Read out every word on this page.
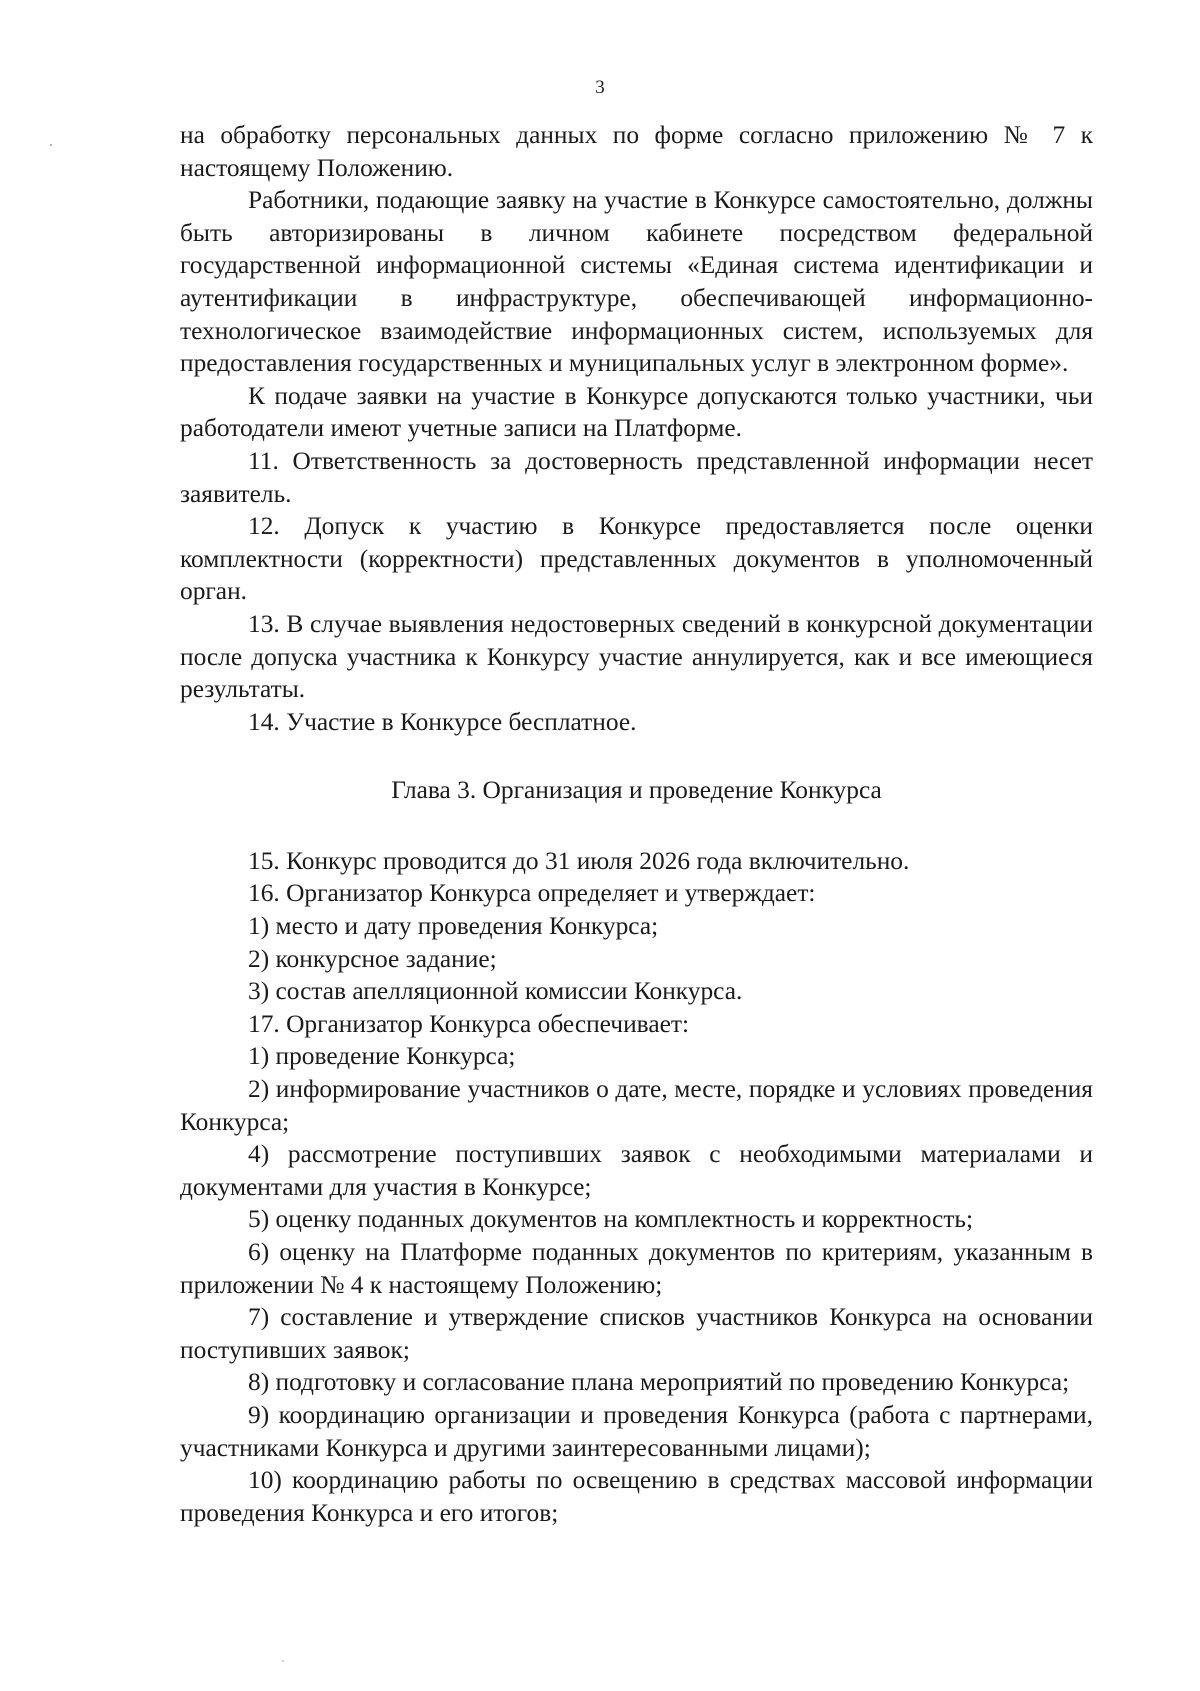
3

на обработку персональных данных по форме согласно приложению № 7 к настоящему Положению.

Работники, подающие заявку на участие в Конкурсе самостоятельно, должны быть авторизированы в личном кабинете посредством федеральной государственной информационной системы «Единая система идентификации и аутентификации в инфраструктуре, обеспечивающей информационно-технологическое взаимодействие информационных систем, используемых для предоставления государственных и муниципальных услуг в электронном форме».

К подаче заявки на участие в Конкурсе допускаются только участники, чьи работодатели имеют учетные записи на Платформе.

11. Ответственность за достоверность представленной информации несет заявитель.

12. Допуск к участию в Конкурсе предоставляется после оценки комплектности (корректности) представленных документов в уполномоченный орган.

13. В случае выявления недостоверных сведений в конкурсной документации после допуска участника к Конкурсу участие аннулируется, как и все имеющиеся результаты.

14. Участие в Конкурсе бесплатное.

Глава 3. Организация и проведение Конкурса

15. Конкурс проводится до 31 июля 2026 года включительно.

16. Организатор Конкурса определяет и утверждает:

1) место и дату проведения Конкурса;

2) конкурсное задание;

3) состав апелляционной комиссии Конкурса.

17. Организатор Конкурса обеспечивает:

1) проведение Конкурса;

2) информирование участников о дате, месте, порядке и условиях проведения Конкурса;

4) рассмотрение поступивших заявок с необходимыми материалами и документами для участия в Конкурсе;

5) оценку поданных документов на комплектность и корректность;

6) оценку на Платформе поданных документов по критериям, указанным в приложении № 4 к настоящему Положению;

7) составление и утверждение списков участников Конкурса на основании поступивших заявок;

8) подготовку и согласование плана мероприятий по проведению Конкурса;

9) координацию организации и проведения Конкурса (работа с партнерами, участниками Конкурса и другими заинтересованными лицами);

10) координацию работы по освещению в средствах массовой информации проведения Конкурса и его итогов;
